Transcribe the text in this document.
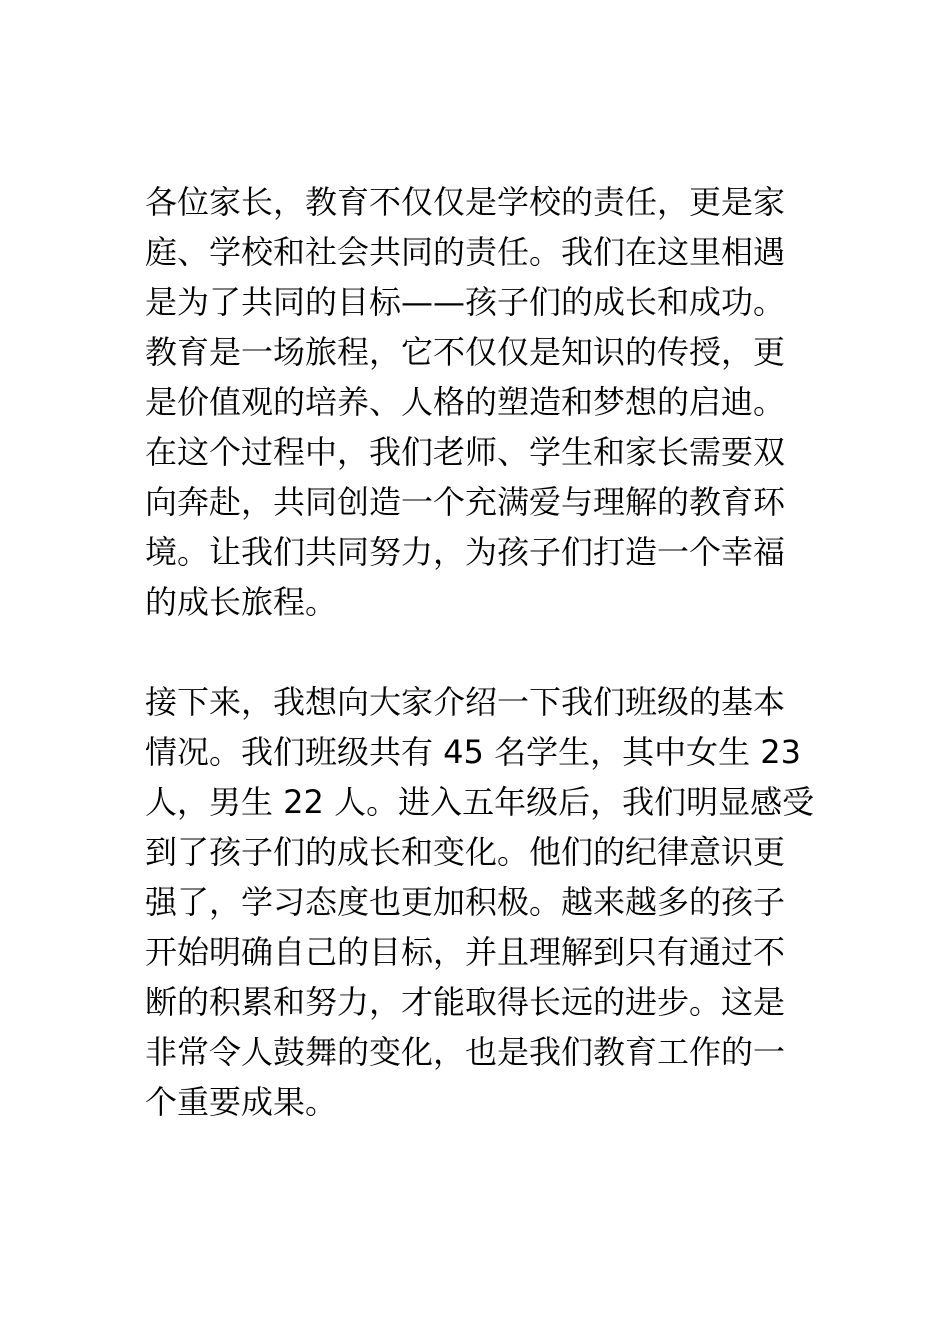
各位家长，教育不仅仅是学校的责任，更是家
庭、学校和社会共同的责任。我们在这里相遇
是为了共同的目标——孩子们的成长和成功。
教育是一场旅程，它不仅仅是知识的传授，更
是价值观的培养、人格的塑造和梦想的启迪。
在这个过程中，我们老师、学生和家长需要双
向奔赴，共同创造一个充满爱与理解的教育环
境。让我们共同努力，为孩子们打造一个幸福
的成长旅程。
接下来，我想向大家介绍一下我们班级的基本
情况。我们班级共有 45 名学生，其中女生 23
人，男生 22 人。进入五年级后，我们明显感受
到了孩子们的成长和变化。他们的纪律意识更
强了，学习态度也更加积极。越来越多的孩子
开始明确自己的目标，并且理解到只有通过不
断的积累和努力，才能取得长远的进步。这是
非常令人鼓舞的变化，也是我们教育工作的一
个重要成果。
